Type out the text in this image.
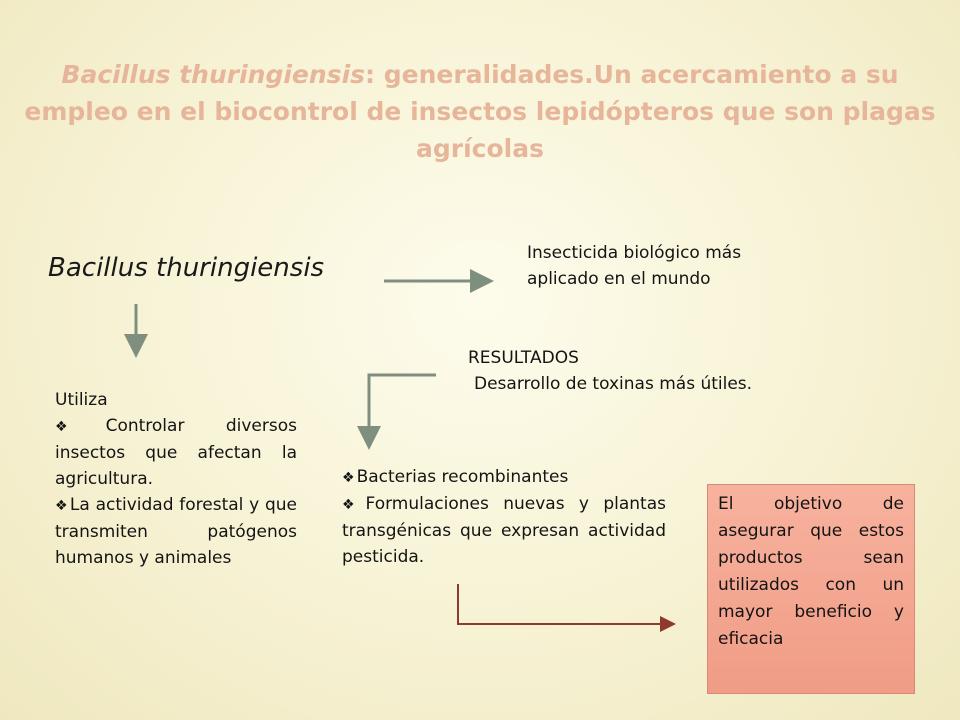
Bacillus thuringiensis: generalidades.Un acercamiento a su empleo en el biocontrol de insectos lepidópteros que son plagas agrícolas
Bacillus thuringiensis	Insecticida biológico más
aplicado en el mundo
Utiliza
❖ Controlar diversos insectos que afectan la agricultura.
❖ La actividad forestal y que transmiten patógenos humanos y animales
RESULTADOS
Desarrollo de toxinas más útiles.
❖ Bacterias recombinantes
❖ Formulaciones nuevas y plantas transgénicas que expresan actividad pesticida.
El objetivo de asegurar que estos productos sean utilizados con un mayor beneficio y eficacia
